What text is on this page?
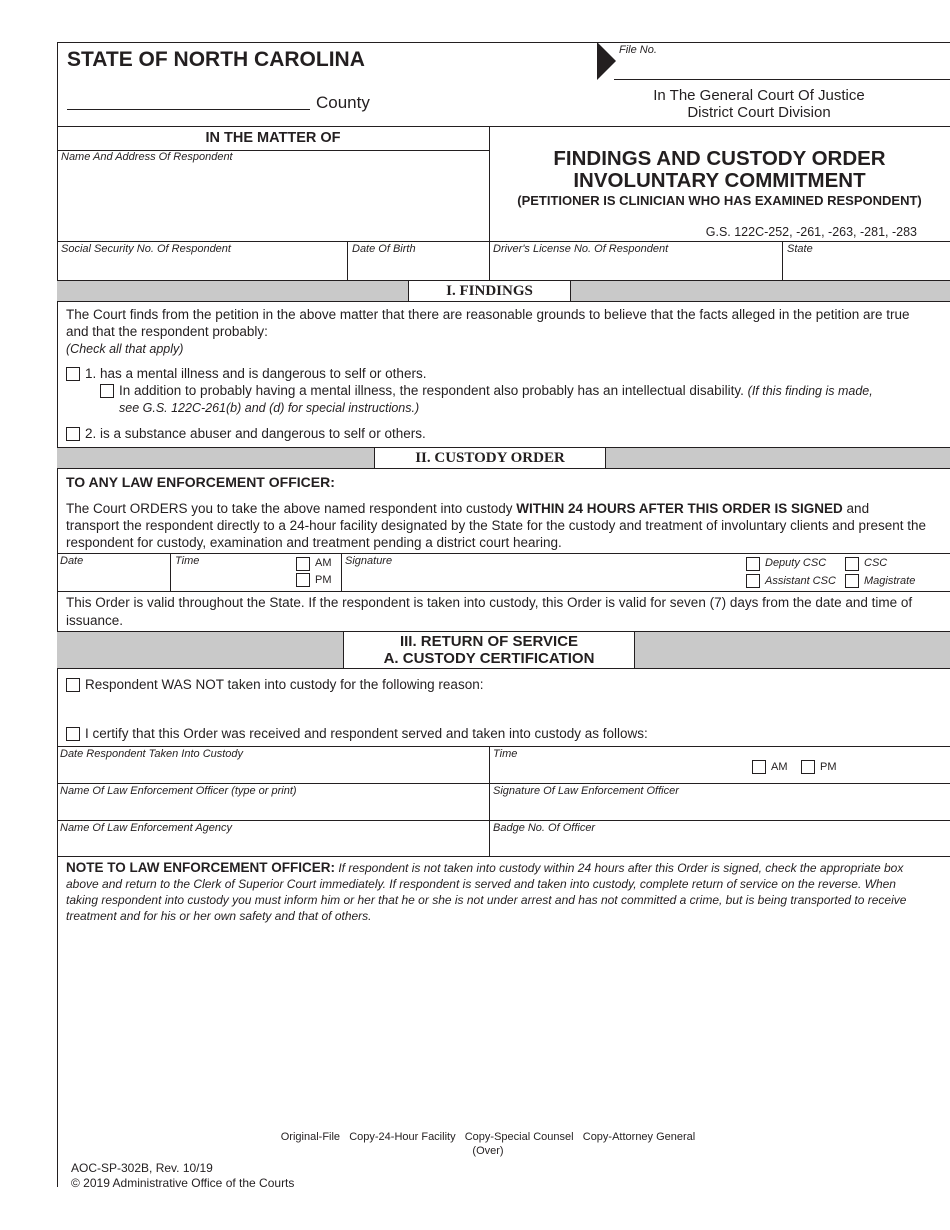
STATE OF NORTH CAROLINA	File No.
County	In The General Court Of Justice
District Court Division
IN THE MATTER OF
Name And Address Of Respondent	FINDINGS AND CUSTODY ORDER
INVOLUNTARY COMMITMENT
(PETITIONER IS CLINICIAN WHO HAS EXAMINED RESPONDENT)
G.S. 122C-252, -261, -263, -281, -283
Social Security No. Of Respondent	Date Of Birth	Driver's License No. Of Respondent	State
I. FINDINGS
The Court finds from the petition in the above matter that there are reasonable grounds to believe that the facts alleged in the petition are true and that the respondent probably:
(Check all that apply)
1. has a mental illness and is dangerous to self or others.
In addition to probably having a mental illness, the respondent also probably has an intellectual disability. (If this finding is made,
see G.S. 122C-261(b) and (d) for special instructions.)
2. is a substance abuser and dangerous to self or others.
II. CUSTODY ORDER
TO ANY LAW ENFORCEMENT OFFICER:
The Court ORDERS you to take the above named respondent into custody WITHIN 24 HOURS AFTER THIS ORDER IS SIGNED and transport the respondent directly to a 24-hour facility designated by the State for the custody and treatment of involuntary clients and present the respondent for custody, examination and treatment pending a district court hearing.
Date	Time	AM
PM
Signature	Deputy CSC	CSC
Assistant CSC	Magistrate
This Order is valid throughout the State. If the respondent is taken into custody, this Order is valid for seven (7) days from the date and time of issuance.
III. RETURN OF SERVICE
A. CUSTODY CERTIFICATION
Respondent WAS NOT taken into custody for the following reason:
I certify that this Order was received and respondent served and taken into custody as follows:
Date Respondent Taken Into Custody	Time
AM	PM
Name Of Law Enforcement Officer (type or print)	Signature Of Law Enforcement Officer
Name Of Law Enforcement Agency	Badge No. Of Officer
NOTE TO LAW ENFORCEMENT OFFICER: If respondent is not taken into custody within 24 hours after this Order is signed, check the appropriate box above and return to the Clerk of Superior Court immediately. If respondent is served and taken into custody, complete return of service on the reverse. When taking respondent into custody you must inform him or her that he or she is not under arrest and has not committed a crime, but is being transported to receive treatment and for his or her own safety and that of others.
Original-File   Copy-24-Hour Facility   Copy-Special Counsel   Copy-Attorney General
(Over)
AOC-SP-302B, Rev. 10/19
© 2019 Administrative Office of the Courts
